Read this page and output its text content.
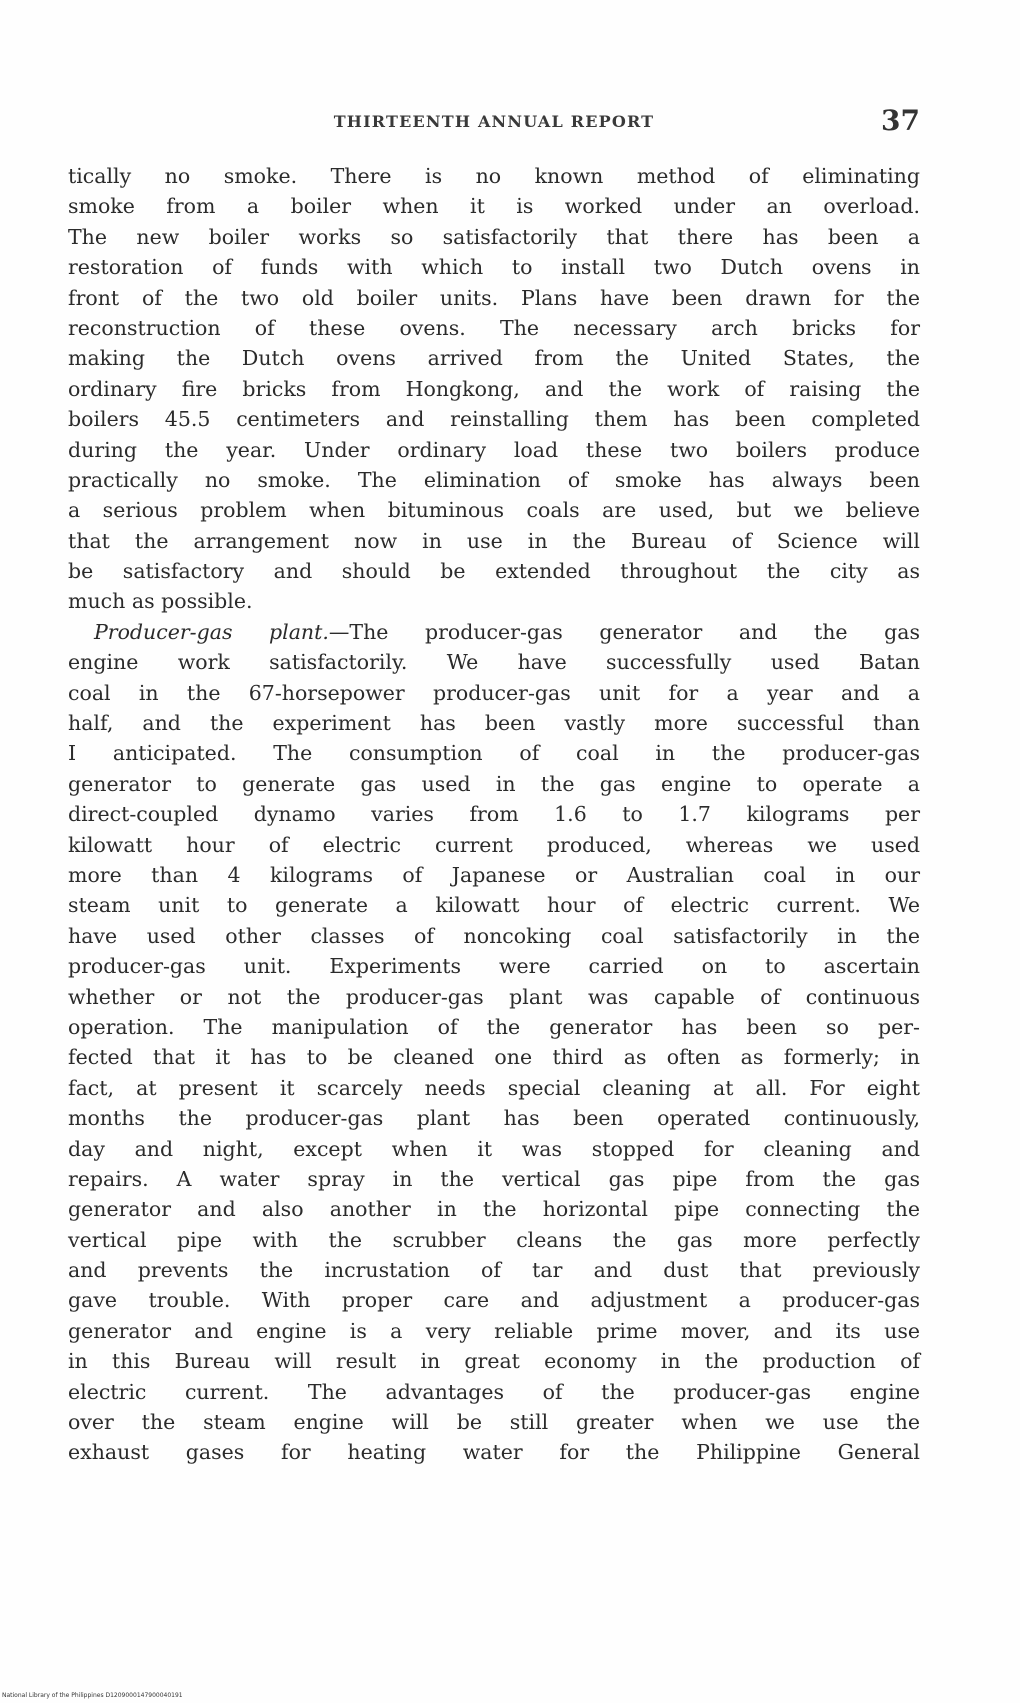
THIRTEENTH ANNUAL REPORT	37
tically no smoke. There is no known method of eliminating
smoke from a boiler when it is worked under an overload.
The new boiler works so satisfactorily that there has been a
restoration of funds with which to install two Dutch ovens in
front of the two old boiler units. Plans have been drawn for the
reconstruction of these ovens. The necessary arch bricks for
making the Dutch ovens arrived from the United States, the
ordinary fire bricks from Hongkong, and the work of raising the
boilers 45.5 centimeters and reinstalling them has been completed
during the year. Under ordinary load these two boilers produce
practically no smoke. The elimination of smoke has always been
a serious problem when bituminous coals are used, but we believe
that the arrangement now in use in the Bureau of Science will
be satisfactory and should be extended throughout the city as
much as possible.
Producer-gas plant.—The producer-gas generator and the gas
engine work satisfactorily. We have successfully used Batan
coal in the 67-horsepower producer-gas unit for a year and a
half, and the experiment has been vastly more successful than
I anticipated. The consumption of coal in the producer-gas
generator to generate gas used in the gas engine to operate a
direct-coupled dynamo varies from 1.6 to 1.7 kilograms per
kilowatt hour of electric current produced, whereas we used
more than 4 kilograms of Japanese or Australian coal in our
steam unit to generate a kilowatt hour of electric current. We
have used other classes of noncoking coal satisfactorily in the
producer-gas unit. Experiments were carried on to ascertain
whether or not the producer-gas plant was capable of continuous
operation. The manipulation of the generator has been so per-
fected that it has to be cleaned one third as often as formerly; in
fact, at present it scarcely needs special cleaning at all. For eight
months the producer-gas plant has been operated continuously,
day and night, except when it was stopped for cleaning and
repairs. A water spray in the vertical gas pipe from the gas
generator and also another in the horizontal pipe connecting the
vertical pipe with the scrubber cleans the gas more perfectly
and prevents the incrustation of tar and dust that previously
gave trouble. With proper care and adjustment a producer-gas
generator and engine is a very reliable prime mover, and its use
in this Bureau will result in great economy in the production of
electric current. The advantages of the producer-gas engine
over the steam engine will be still greater when we use the
exhaust gases for heating water for the Philippine General
National Library of the Philippines D1209000147900040191
